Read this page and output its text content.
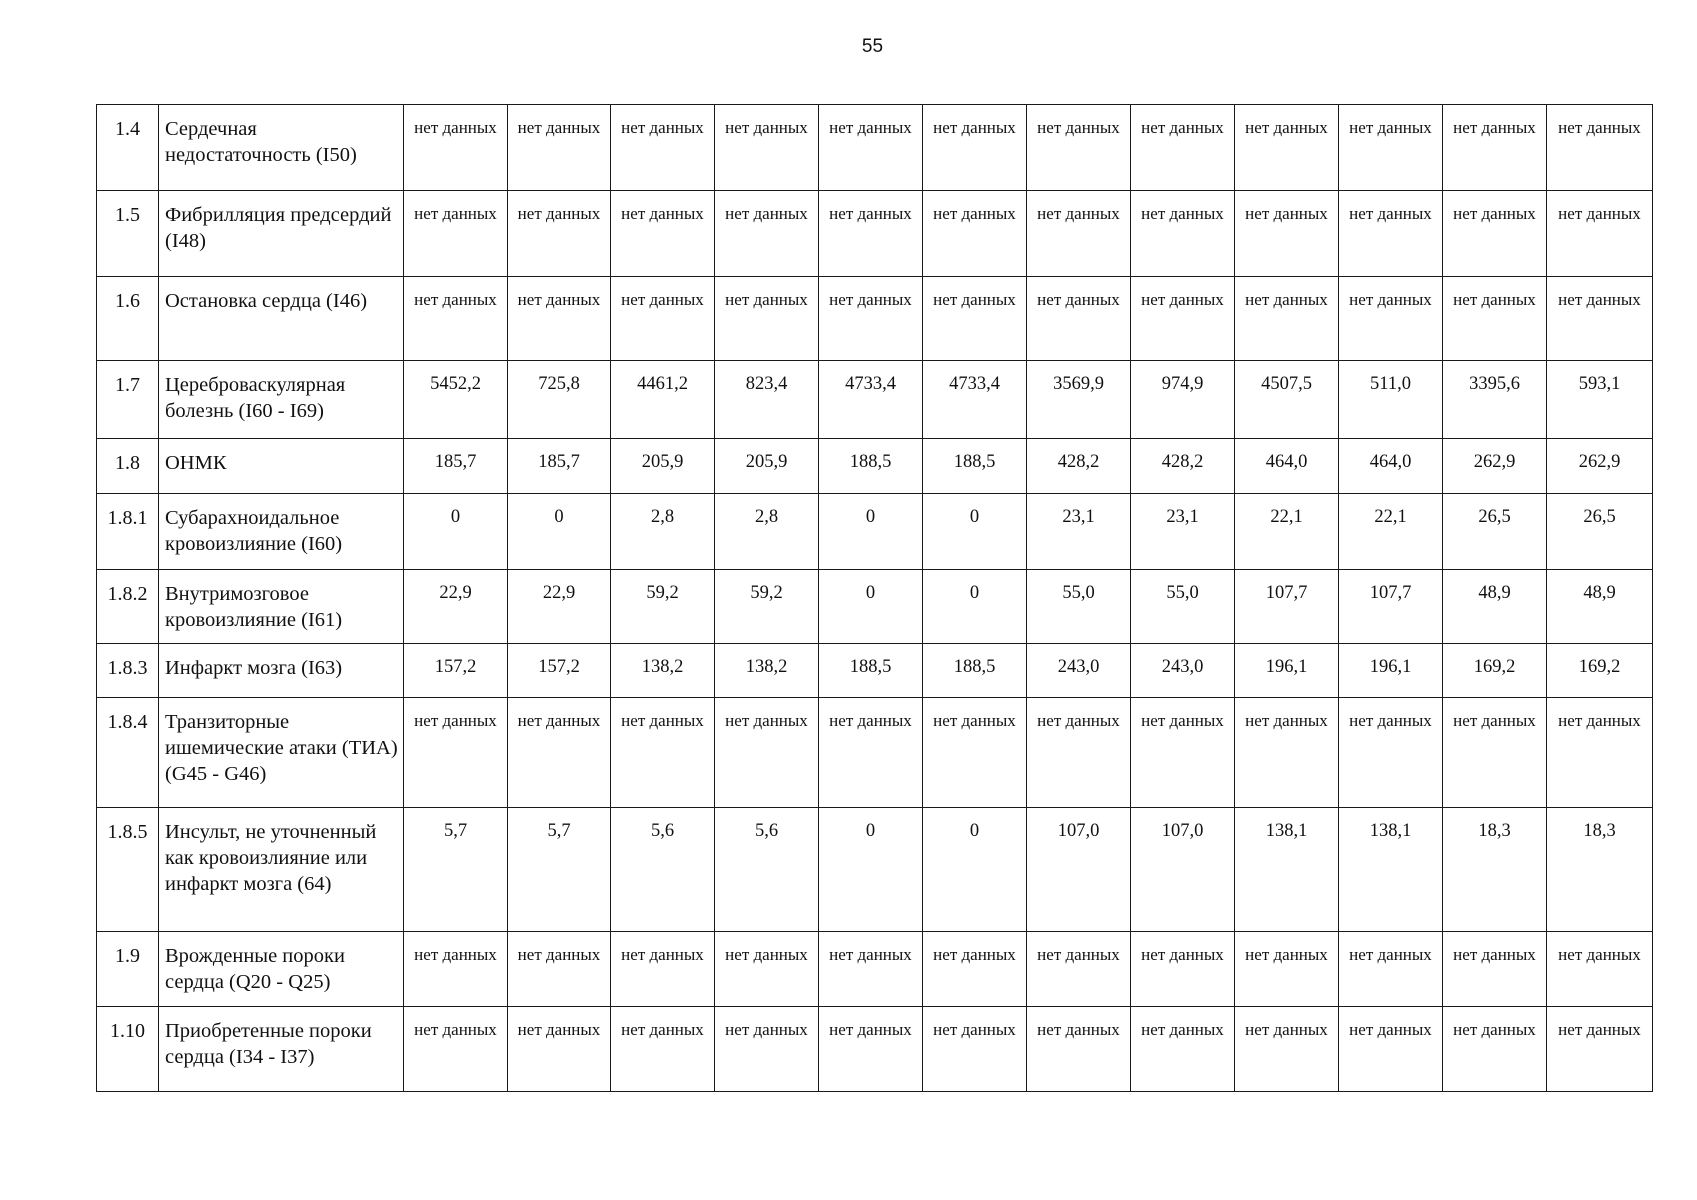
55
1.4	Сердечная недостаточность (I50)	нет данных	нет данных	нет данных	нет данных	нет данных	нет данных	нет данных	нет данных	нет данных	нет данных	нет данных	нет данных
1.5	Фибрилляция предсердий (I48)	нет данных	нет данных	нет данных	нет данных	нет данных	нет данных	нет данных	нет данных	нет данных	нет данных	нет данных	нет данных
1.6	Остановка сердца (I46)	нет данных	нет данных	нет данных	нет данных	нет данных	нет данных	нет данных	нет данных	нет данных	нет данных	нет данных	нет данных
1.7	Цереброваскулярная болезнь (I60 - I69)	5452,2	725,8	4461,2	823,4	4733,4	4733,4	3569,9	974,9	4507,5	511,0	3395,6	593,1
1.8	ОНМК	185,7	185,7	205,9	205,9	188,5	188,5	428,2	428,2	464,0	464,0	262,9	262,9
1.8.1	Субарахноидальное кровоизлияние (I60)	0	0	2,8	2,8	0	0	23,1	23,1	22,1	22,1	26,5	26,5
1.8.2	Внутримозговое кровоизлияние (I61)	22,9	22,9	59,2	59,2	0	0	55,0	55,0	107,7	107,7	48,9	48,9
1.8.3	Инфаркт мозга (I63)	157,2	157,2	138,2	138,2	188,5	188,5	243,0	243,0	196,1	196,1	169,2	169,2
1.8.4	Транзиторные ишемические атаки (ТИА) (G45 - G46)	нет данных	нет данных	нет данных	нет данных	нет данных	нет данных	нет данных	нет данных	нет данных	нет данных	нет данных	нет данных
1.8.5	Инсульт, не уточненный как кровоизлияние или инфаркт мозга (64)	5,7	5,7	5,6	5,6	0	0	107,0	107,0	138,1	138,1	18,3	18,3
1.9	Врожденные пороки сердца (Q20 - Q25)	нет данных	нет данных	нет данных	нет данных	нет данных	нет данных	нет данных	нет данных	нет данных	нет данных	нет данных	нет данных
1.10	Приобретенные пороки сердца (I34 - I37)	нет данных	нет данных	нет данных	нет данных	нет данных	нет данных	нет данных	нет данных	нет данных	нет данных	нет данных	нет данных
